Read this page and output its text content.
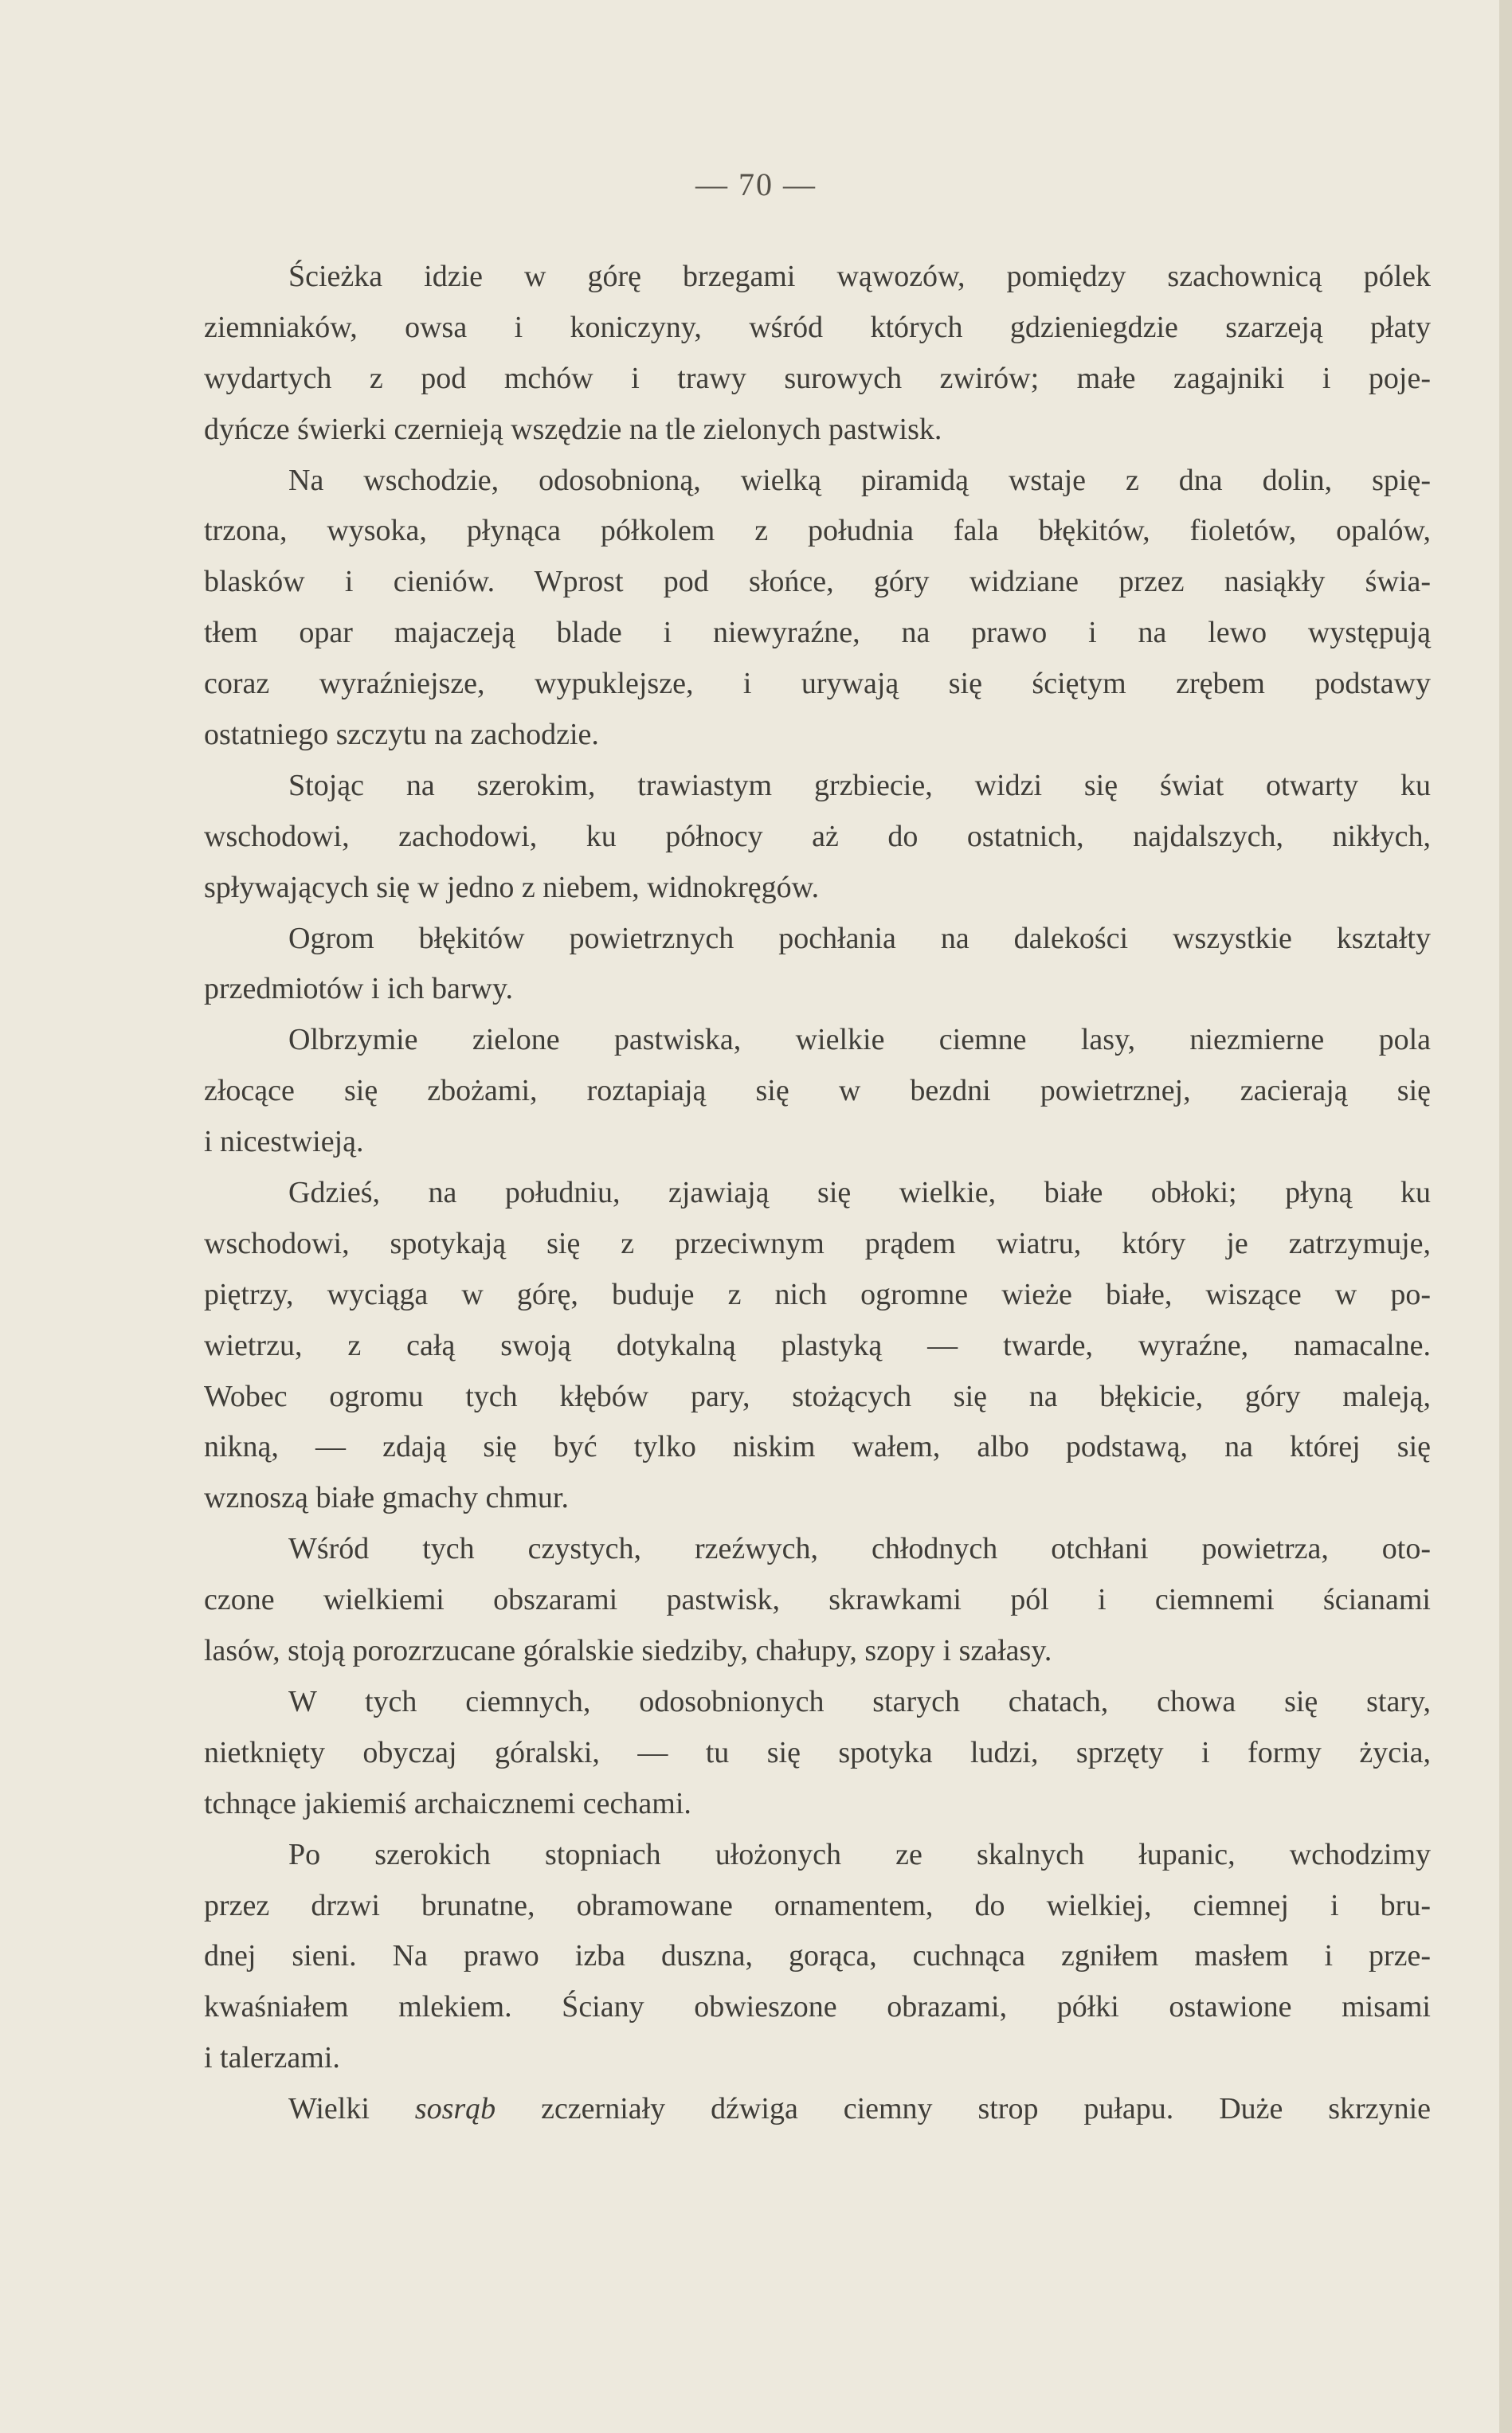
— 70 —
Ścieżka idzie w górę brzegami wąwozów, pomiędzy szachownicą pólek
ziemniaków, owsa i koniczyny, wśród których gdzieniegdzie szarzeją płaty
wydartych z pod mchów i trawy surowych zwirów; małe zagajniki i poje-
dyńcze świerki czernieją wszędzie na tle zielonych pastwisk.
Na wschodzie, odosobnioną, wielką piramidą wstaje z dna dolin, spię-
trzona, wysoka, płynąca półkolem z południa fala błękitów, fioletów, opalów,
blasków i cieniów. Wprost pod słońce, góry widziane przez nasiąkły świa-
tłem opar majaczeją blade i niewyraźne, na prawo i na lewo występują
coraz wyraźniejsze, wypuklejsze, i urywają się ściętym zrębem podstawy
ostatniego szczytu na zachodzie.
Stojąc na szerokim, trawiastym grzbiecie, widzi się świat otwarty ku
wschodowi, zachodowi, ku północy aż do ostatnich, najdalszych, nikłych,
spływających się w jedno z niebem, widnokręgów.
Ogrom błękitów powietrznych pochłania na dalekości wszystkie kształty
przedmiotów i ich barwy.
Olbrzymie zielone pastwiska, wielkie ciemne lasy, niezmierne pola
złocące się zbożami, roztapiają się w bezdni powietrznej, zacierają się
i nicestwieją.
Gdzieś, na południu, zjawiają się wielkie, białe obłoki; płyną ku
wschodowi, spotykają się z przeciwnym prądem wiatru, który je zatrzymuje,
piętrzy, wyciąga w górę, buduje z nich ogromne wieże białe, wiszące w po-
wietrzu, z całą swoją dotykalną plastyką — twarde, wyraźne, namacalne.
Wobec ogromu tych kłębów pary, stożących się na błękicie, góry maleją,
nikną, — zdają się być tylko niskim wałem, albo podstawą, na której się
wznoszą białe gmachy chmur.
Wśród tych czystych, rzeźwych, chłodnych otchłani powietrza, oto-
czone wielkiemi obszarami pastwisk, skrawkami pól i ciemnemi ścianami
lasów, stoją porozrzucane góralskie siedziby, chałupy, szopy i szałasy.
W tych ciemnych, odosobnionych starych chatach, chowa się stary,
nietknięty obyczaj góralski, — tu się spotyka ludzi, sprzęty i formy życia,
tchnące jakiemiś archaicznemi cechami.
Po szerokich stopniach ułożonych ze skalnych łupanic, wchodzimy
przez drzwi brunatne, obramowane ornamentem, do wielkiej, ciemnej i bru-
dnej sieni. Na prawo izba duszna, gorąca, cuchnąca zgniłem masłem i prze-
kwaśniałem mlekiem. Ściany obwieszone obrazami, półki ostawione misami
i talerzami.
Wielki sosrąb zczerniały dźwiga ciemny strop pułapu. Duże skrzynie
